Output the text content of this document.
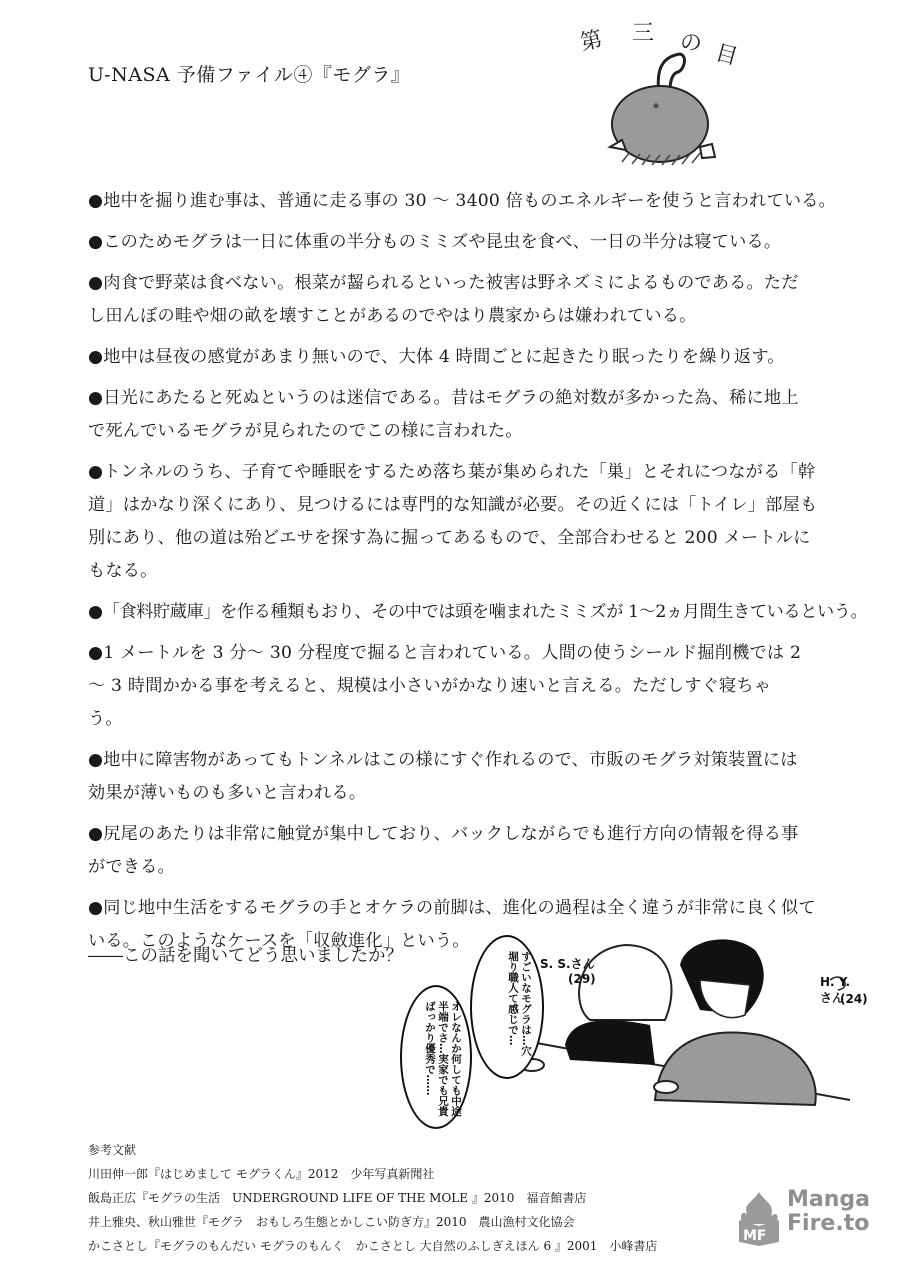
U-NASA 予備ファイル④『モグラ』
第 三 の 目
*

●地中を掘り進む事は、普通に走る事の 30 ～ 3400 倍ものエネルギーを使うと言われている。

●このためモグラは一日に体重の半分ものミミズや昆虫を食べ、一日の半分は寝ている。

●肉食で野菜は食べない。根菜が齧られるといった被害は野ネズミによるものである。ただし田んぼの畦や畑の畝を壊すことがあるのでやはり農家からは嫌われている。

●地中は昼夜の感覚があまり無いので、大体 4 時間ごとに起きたり眠ったりを繰り返す。

●日光にあたると死ぬというのは迷信である。昔はモグラの絶対数が多かった為、稀に地上で死んでいるモグラが見られたのでこの様に言われた。

●トンネルのうち、子育てや睡眠をするため落ち葉が集められた「巣」とそれにつながる「幹道」はかなり深くにあり、見つけるには専門的な知識が必要。その近くには「トイレ」部屋も別にあり、他の道は殆どエサを探す為に掘ってあるもので、全部合わせると 200 メートルにもなる。

●「食料貯蔵庫」を作る種類もおり、その中では頭を噛まれたミミズが 1～2ヵ月間生きているという。

●1 メートルを 3 分～ 30 分程度で掘ると言われている。人間の使うシールド掘削機では 2 ～ 3 時間かかる事を考えると、規模は小さいがかなり速いと言える。ただしすぐ寝ちゃう。

●地中に障害物があってもトンネルはこの様にすぐ作れるので、市販のモグラ対策装置には効果が薄いものも多いと言われる。

●尻尾のあたりは非常に触覚が集中しており、バックしながらでも進行方向の情報を得る事ができる。

●同じ地中生活をするモグラの手とオケラの前脚は、進化の過程は全く違うが非常に良く似ている。このようなケースを「収斂進化」という。

――この話を聞いてどう思いましたか？	すごいなモグラは…穴堀り職人て感じで…
オレなんか何しても中途半端でさ…実家でも兄貴ばっかり優秀で……
S. S.さん
(29)	H. Y. さん
(24)
参考文献
川田伸一郎『はじめまして モグラくん』2012　少年写真新聞社
飯島正広『モグラの生活　UNDERGROUND LIFE OF THE MOLE 』2010　福音館書店
井上雅央、秋山雅世『モグラ　おもしろ生態とかしこい防ぎ方』2010　農山漁村文化協会
かこさとし『モグラのもんだい モグラのもんく　かこさとし 大自然のふしぎえほん 6 』2001　小峰書店
MF
Manga
Fire.to
